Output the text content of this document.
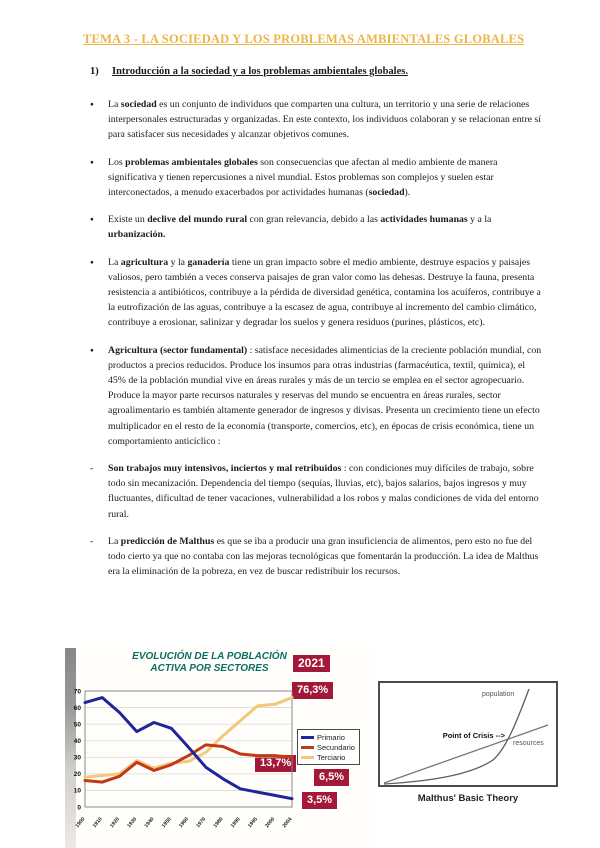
TEMA 3 - LA SOCIEDAD Y LOS PROBLEMAS AMBIENTALES GLOBALES
1) Introducción a la sociedad y a los problemas ambientales globales.
●	La sociedad es un conjunto de individuos que comparten una cultura, un territorio y una serie de relaciones interpersonales estructuradas y organizadas. En este contexto, los individuos colaboran y se relacionan entre sí para satisfacer sus necesidades y alcanzar objetivos comunes.
●	Los problemas ambientales globales son consecuencias que afectan al medio ambiente de manera significativa y tienen repercusiones a nivel mundial. Estos problemas son complejos y suelen estar interconectados, a menudo exacerbados por actividades humanas (sociedad).
●	Existe un declive del mundo rural con gran relevancia, debido a las actividades humanas y a la urbanización.
●	La agricultura y la ganadería tiene un gran impacto sobre el medio ambiente, destruye espacios y paisajes valiosos, pero también a veces conserva paisajes de gran valor como las dehesas. Destruye la fauna, presenta resistencia a antibióticos, contribuye a la pérdida de diversidad genética, contamina los acuíferos, contribuye a la eutrofización de las aguas, contribuye a la escasez de agua, contribuye al incremento del cambio climático, contribuye a erosionar, salinizar y degradar los suelos y genera residuos (purines, plásticos, etc).
●	Agricultura (sector fundamental) : satisface necesidades alimenticias de la creciente población mundial, con productos a precios reducidos. Produce los insumos para otras industrias (farmacéutica, textil, química), el 45% de la población mundial vive en áreas rurales y más de un tercio se emplea en el sector agropecuario. Produce la mayor parte recursos naturales y reservas del mundo se encuentra en áreas rurales, sector agroalimentario es también altamente generador de ingresos y divisas. Presenta un crecimiento tiene un efecto multiplicador en el resto de la economía (transporte, comercios, etc), en épocas de crisis económica, tiene un comportamiento anticíclico :
-	Son trabajos muy intensivos, inciertos y mal retribuidos : con condiciones muy difíciles de trabajo, sobre todo sin mecanización. Dependencia del tiempo (sequías, lluvias, etc), bajos salarios, bajos ingresos y muy fluctuantes, dificultad de tener vacaciones, vulnerabilidad a los robos y malas condiciones de vida del entorno rural.
-	La predicción de Malthus es que se iba a producir una gran insuficiencia de alimentos, pero esto no fue del todo cierto ya que no contaba con las mejoras tecnológicas que fomentarán la producción. La idea de Malthus era la eliminación de la pobreza, en vez de buscar redistribuir los recursos.
EVOLUCIÓN DE LA POBLACIÓN
ACTIVA POR SECTORES	2021
76,3%
13,7%
6,5%
3,5%
0
10
20
30
40
50
60
70
1900 1910 1920 1930 1940 1950 1960 1970 1980 1990 1995 2000 2004
Primario
Secundario
Terciario
population
resources
Point of Crisis -->
Malthus' Basic Theory
